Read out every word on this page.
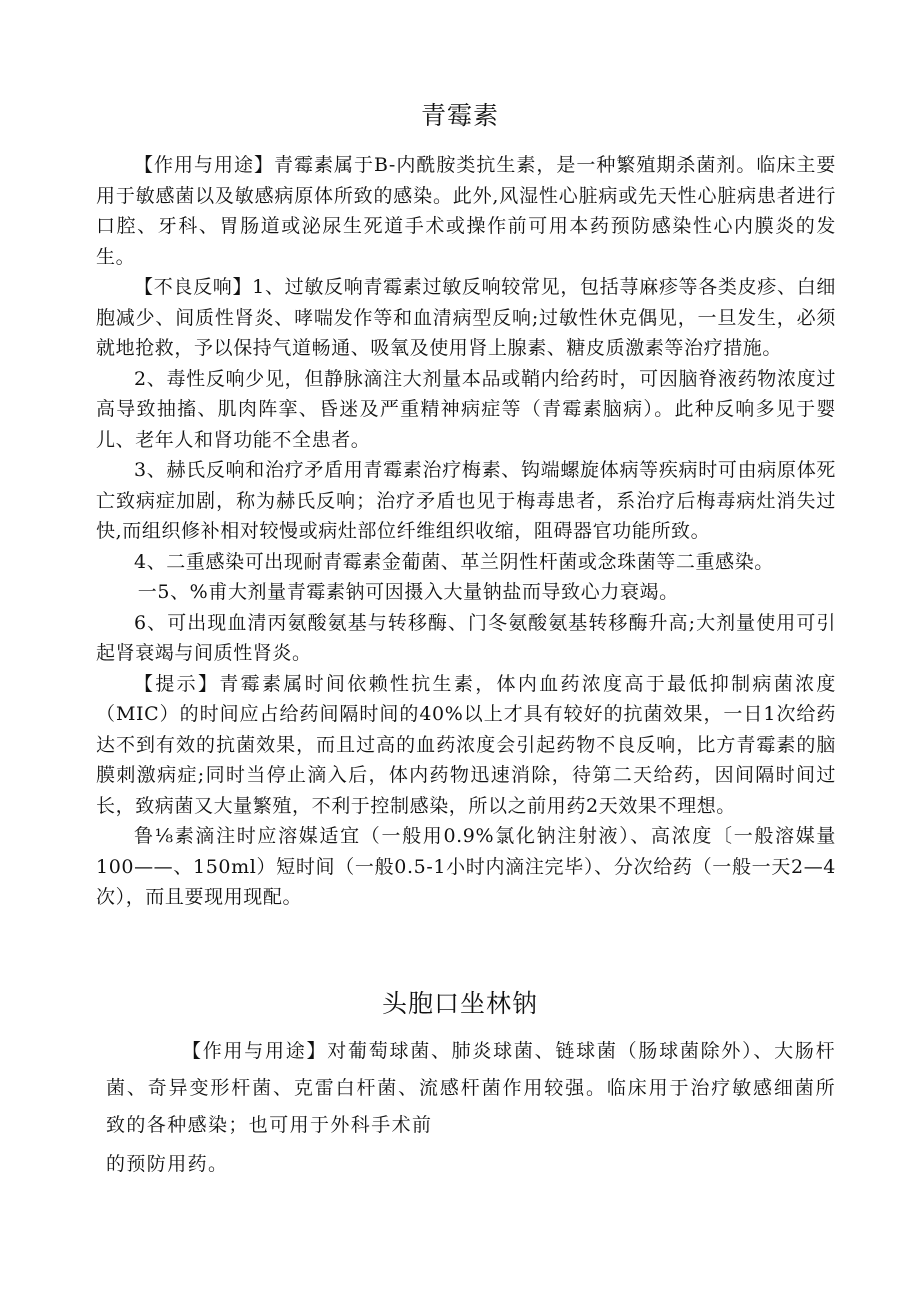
青霉素

【作用与用途】青霉素属于B-内酰胺类抗生素，是一种繁殖期杀菌剂。临床主要用于敏感菌以及敏感病原体所致的感染。此外,风湿性心脏病或先天性心脏病患者进行口腔、牙科、胃肠道或泌尿生死道手术或操作前可用本药预防感染性心内膜炎的发生。

【不良反响】1、过敏反响青霉素过敏反响较常见，包括荨麻疹等各类皮疹、白细胞减少、间质性肾炎、哮喘发作等和血清病型反响;过敏性休克偶见，一旦发生，必须就地抢救，予以保持气道畅通、吸氧及使用肾上腺素、糖皮质激素等治疗措施。

2、毒性反响少见，但静脉滴注大剂量本品或鞘内给药时，可因脑脊液药物浓度过高导致抽搐、肌肉阵挛、昏迷及严重精神病症等（青霉素脑病）。此种反响多见于婴儿、老年人和肾功能不全患者。

3、赫氏反响和治疗矛盾用青霉素治疗梅素、钩端螺旋体病等疾病时可由病原体死亡致病症加剧，称为赫氏反响；治疗矛盾也见于梅毒患者，系治疗后梅毒病灶消失过快,而组织修补相对较慢或病灶部位纤维组织收缩，阻碍器官功能所致。

4、二重感染可出现耐青霉素金葡菌、革兰阴性杆菌或念珠菌等二重感染。

一5、%甫大剂量青霉素钠可因摄入大量钠盐而导致心力衰竭。

6、可出现血清丙氨酸氨基与转移酶、门冬氨酸氨基转移酶升高;大剂量使用可引起肾衰竭与间质性肾炎。

【提示】青霉素属时间依赖性抗生素，体内血药浓度高于最低抑制病菌浓度（MIC）的时间应占给药间隔时间的40%以上才具有较好的抗菌效果，一日1次给药达不到有效的抗菌效果，而且过高的血药浓度会引起药物不良反响，比方青霉素的脑膜刺激病症;同时当停止滴入后，体内药物迅速消除，待第二天给药，因间隔时间过长，致病菌又大量繁殖，不利于控制感染，所以之前用药2天效果不理想。

鲁⅛素滴注时应溶媒适宜（一般用0.9%氯化钠注射液）、高浓度〔一般溶媒量100——、150ml）短时间（一般0.5-1小时内滴注完毕）、分次给药（一般一天2—4次），而且要现用现配。

头胞口坐林钠

【作用与用途】对葡萄球菌、肺炎球菌、链球菌（肠球菌除外）、大肠杆菌、奇异变形杆菌、克雷白杆菌、流感杆菌作用较强。临床用于治疗敏感细菌所致的各种感染；也可用于外科手术前

的预防用药。
